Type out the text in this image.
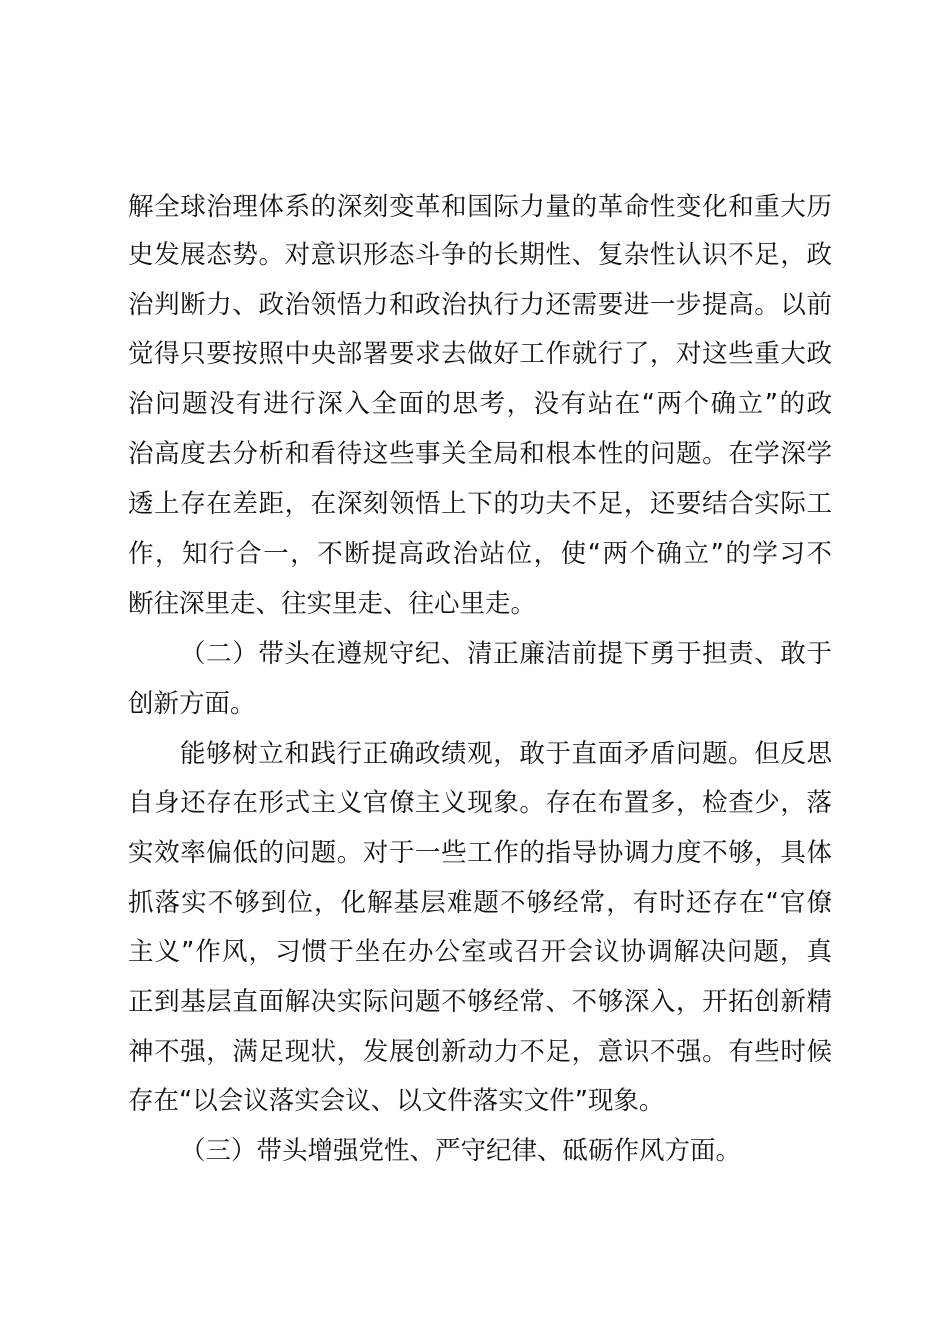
解全球治理体系的深刻变革和国际力量的革命性变化和重大历
史发展态势。对意识形态斗争的长期性、复杂性认识不足，政
治判断力、政治领悟力和政治执行力还需要进一步提高。以前
觉得只要按照中央部署要求去做好工作就行了，对这些重大政
治问题没有进行深入全面的思考，没有站在“两个确立”的政
治高度去分析和看待这些事关全局和根本性的问题。在学深学
透上存在差距，在深刻领悟上下的功夫不足，还要结合实际工
作，知行合一，不断提高政治站位，使“两个确立”的学习不
断往深里走、往实里走、往心里走。
（二）带头在遵规守纪、清正廉洁前提下勇于担责、敢于
创新方面。
能够树立和践行正确政绩观，敢于直面矛盾问题。但反思
自身还存在形式主义官僚主义现象。存在布置多，检查少，落
实效率偏低的问题。对于一些工作的指导协调力度不够，具体
抓落实不够到位，化解基层难题不够经常，有时还存在“官僚
主义”作风，习惯于坐在办公室或召开会议协调解决问题，真
正到基层直面解决实际问题不够经常、不够深入，开拓创新精
神不强，满足现状，发展创新动力不足，意识不强。有些时候
存在“以会议落实会议、以文件落实文件”现象。
（三）带头增强党性、严守纪律、砥砺作风方面。
